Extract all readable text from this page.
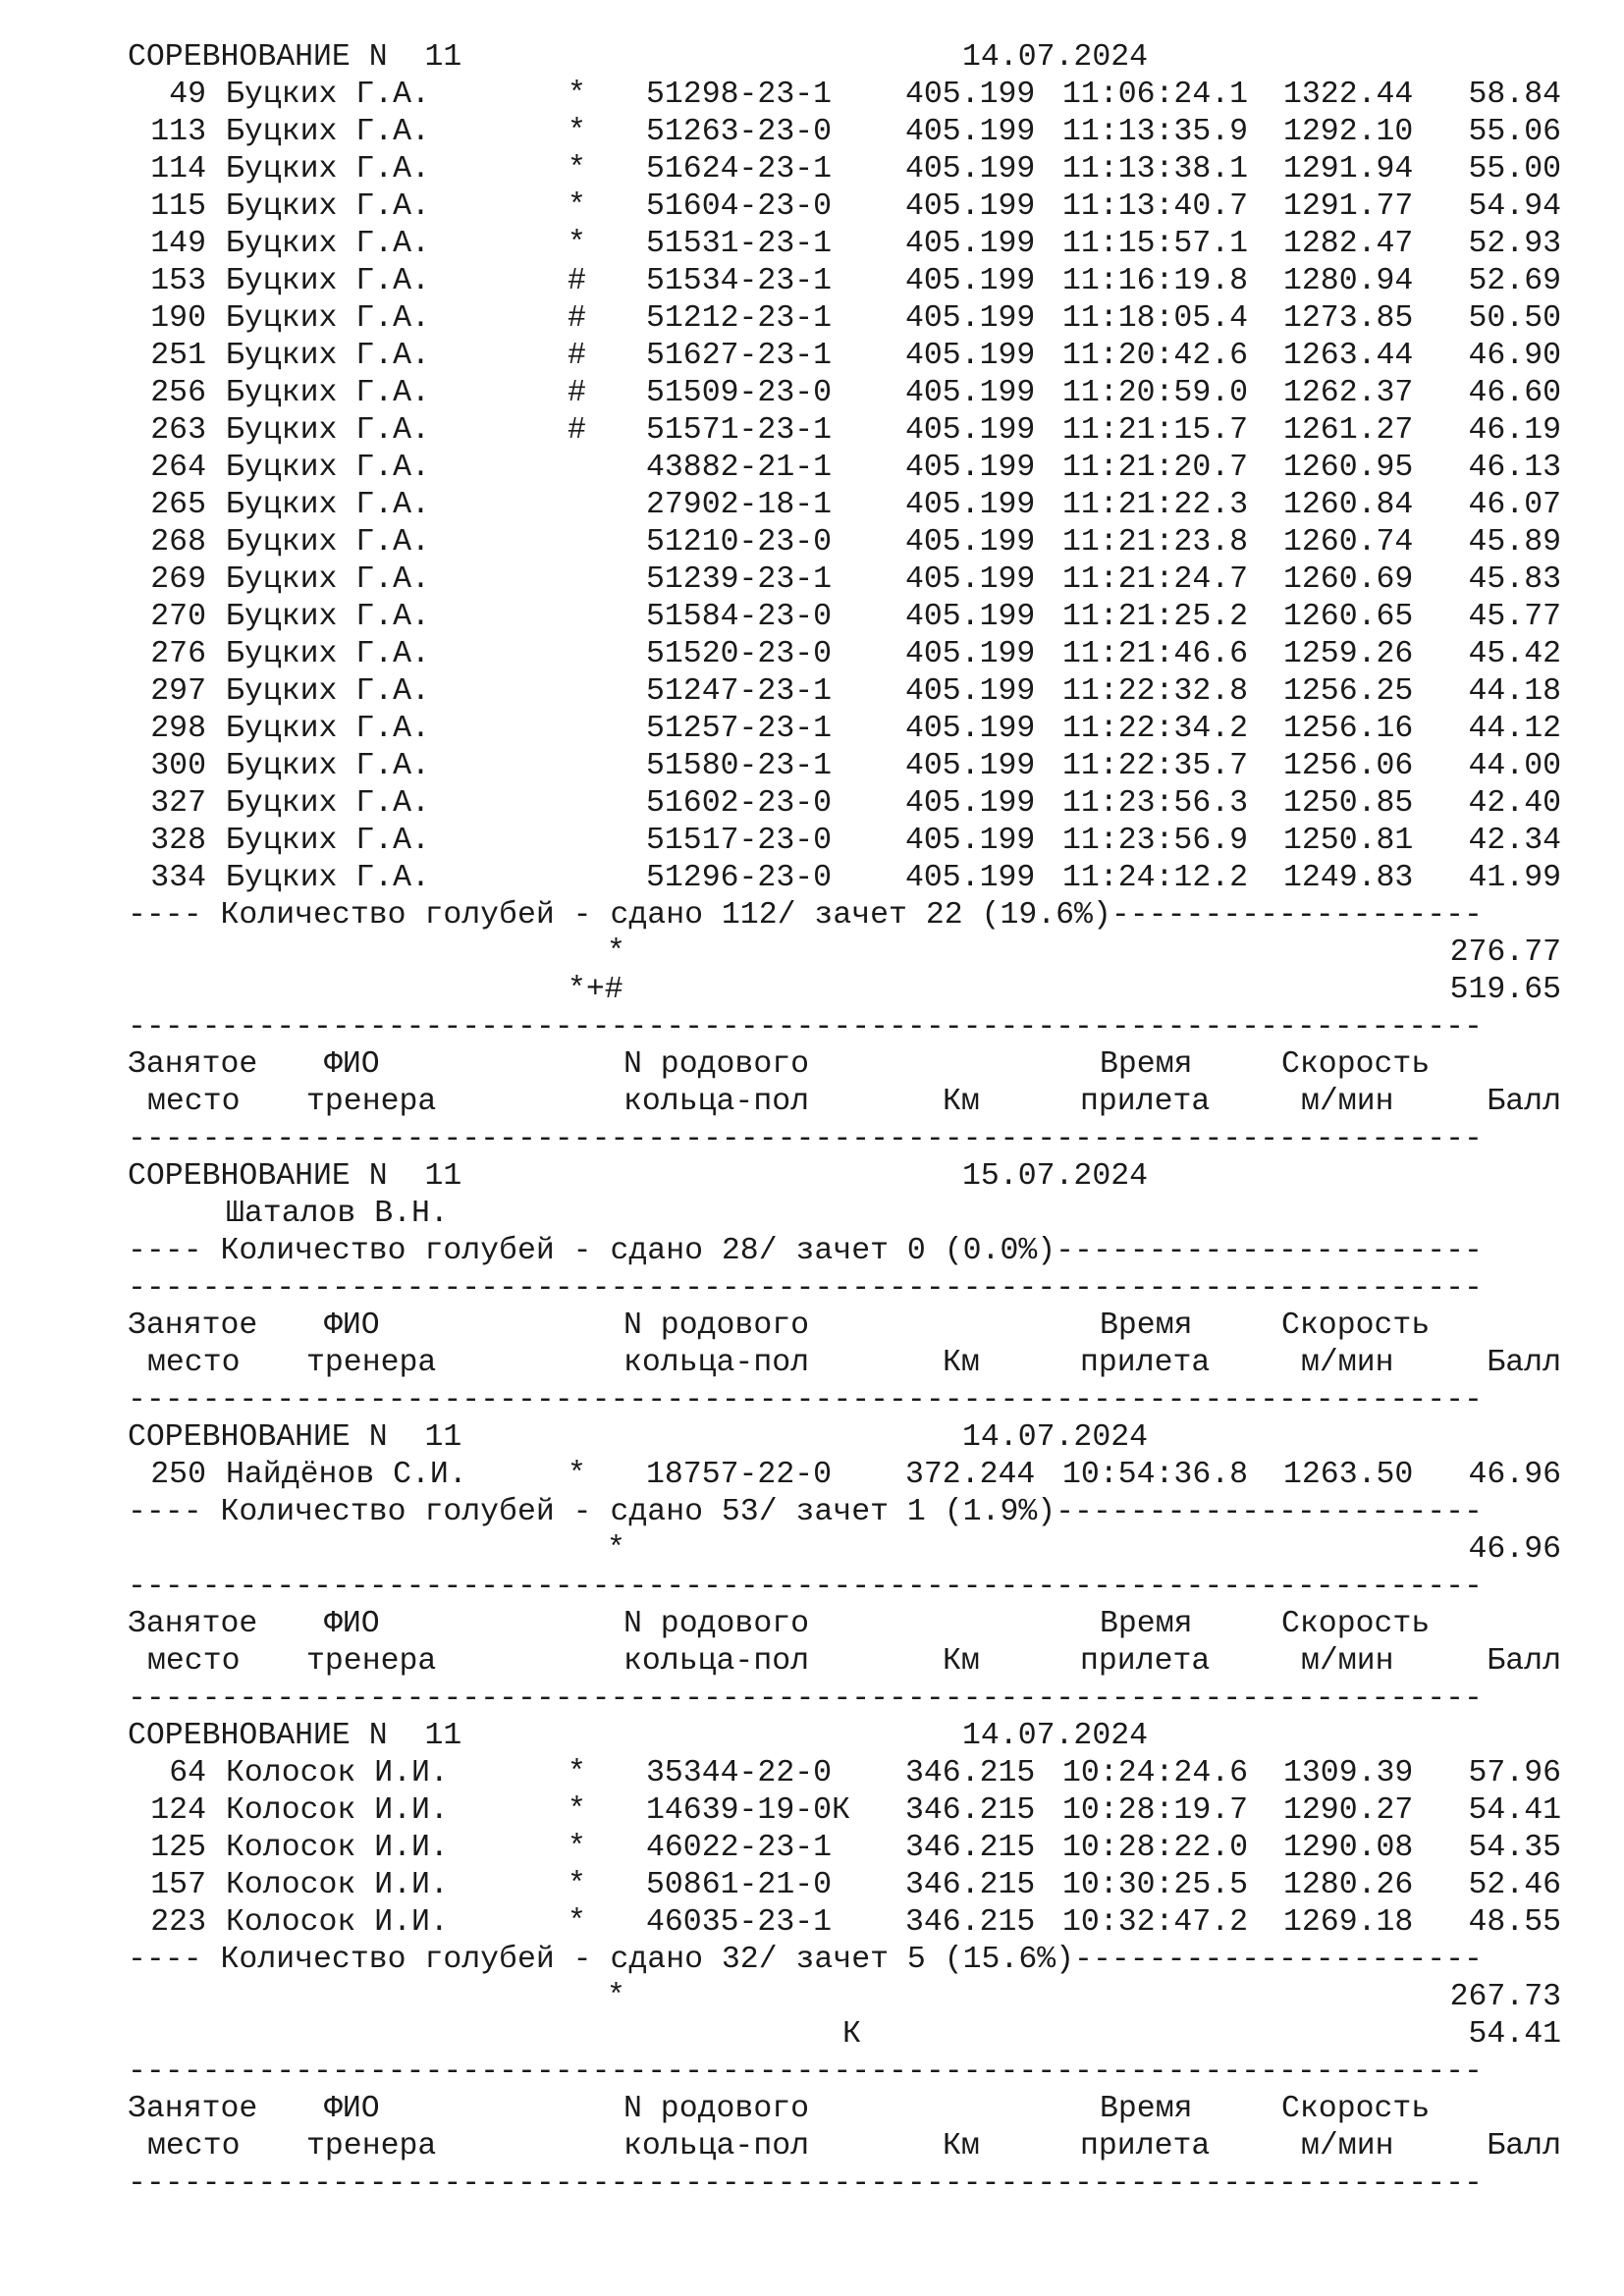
СОРЕВНОВАНИЕ N  11	14.07.2024
49 Буцких Г.А.	* 51298-23-1 405.199 11:06:24.1 1322.44 58.84
113 Буцких Г.А.	* 51263-23-0 405.199 11:13:35.9 1292.10 55.06
114 Буцких Г.А.	* 51624-23-1 405.199 11:13:38.1 1291.94 55.00
115 Буцких Г.А.	* 51604-23-0 405.199 11:13:40.7 1291.77 54.94
149 Буцких Г.А.	* 51531-23-1 405.199 11:15:57.1 1282.47 52.93
153 Буцких Г.А.	# 51534-23-1 405.199 11:16:19.8 1280.94 52.69
190 Буцких Г.А.	# 51212-23-1 405.199 11:18:05.4 1273.85 50.50
251 Буцких Г.А.	# 51627-23-1 405.199 11:20:42.6 1263.44 46.90
256 Буцких Г.А.	# 51509-23-0 405.199 11:20:59.0 1262.37 46.60
263 Буцких Г.А.	# 51571-23-1 405.199 11:21:15.7 1261.27 46.19
264 Буцких Г.А.	43882-21-1 405.199 11:21:20.7 1260.95 46.13
265 Буцких Г.А.	27902-18-1 405.199 11:21:22.3 1260.84 46.07
268 Буцких Г.А.	51210-23-0 405.199 11:21:23.8 1260.74 45.89
269 Буцких Г.А.	51239-23-1 405.199 11:21:24.7 1260.69 45.83
270 Буцких Г.А.	51584-23-0 405.199 11:21:25.2 1260.65 45.77
276 Буцких Г.А.	51520-23-0 405.199 11:21:46.6 1259.26 45.42
297 Буцких Г.А.	51247-23-1 405.199 11:22:32.8 1256.25 44.18
298 Буцких Г.А.	51257-23-1 405.199 11:22:34.2 1256.16 44.12
300 Буцких Г.А.	51580-23-1 405.199 11:22:35.7 1256.06 44.00
327 Буцких Г.А.	51602-23-0 405.199 11:23:56.3 1250.85 42.40
328 Буцких Г.А.	51517-23-0 405.199 11:23:56.9 1250.81 42.34
334 Буцких Г.А.	51296-23-0 405.199 11:24:12.2 1249.83 41.99
---- Количество голубей - сдано 112/ зачет 22 (19.6%)--------------------
*	276.77
*+#	519.65
-------------------------------------------------------------------------
Занятое ФИО	N родового	Время	Скорость
место тренера	кольца-пол	Км	прилета	м/мин	Балл
-------------------------------------------------------------------------
СОРЕВНОВАНИЕ N  11	15.07.2024
Шаталов В.Н.
---- Количество голубей - сдано 28/ зачет 0 (0.0%)-----------------------
-------------------------------------------------------------------------
Занятое ФИО	N родового	Время	Скорость
место тренера	кольца-пол	Км	прилета	м/мин	Балл
-------------------------------------------------------------------------
СОРЕВНОВАНИЕ N  11	14.07.2024
250 Найдёнов С.И.	* 18757-22-0 372.244 10:54:36.8 1263.50 46.96
---- Количество голубей - сдано 53/ зачет 1 (1.9%)-----------------------
*	46.96
-------------------------------------------------------------------------
Занятое ФИО	N родового	Время	Скорость
место тренера	кольца-пол	Км	прилета	м/мин	Балл
-------------------------------------------------------------------------
СОРЕВНОВАНИЕ N  11	14.07.2024
64 Колосок И.И.	* 35344-22-0 346.215 10:24:24.6 1309.39 57.96
124 Колосок И.И.	* 14639-19-0К 346.215 10:28:19.7 1290.27 54.41
125 Колосок И.И.	* 46022-23-1 346.215 10:28:22.0 1290.08 54.35
157 Колосок И.И.	* 50861-21-0 346.215 10:30:25.5 1280.26 52.46
223 Колосок И.И.	* 46035-23-1 346.215 10:32:47.2 1269.18 48.55
---- Количество голубей - сдано 32/ зачет 5 (15.6%)----------------------
*	267.73
К	54.41
-------------------------------------------------------------------------
Занятое ФИО	N родового	Время	Скорость
место тренера	кольца-пол	Км	прилета	м/мин	Балл
-------------------------------------------------------------------------
